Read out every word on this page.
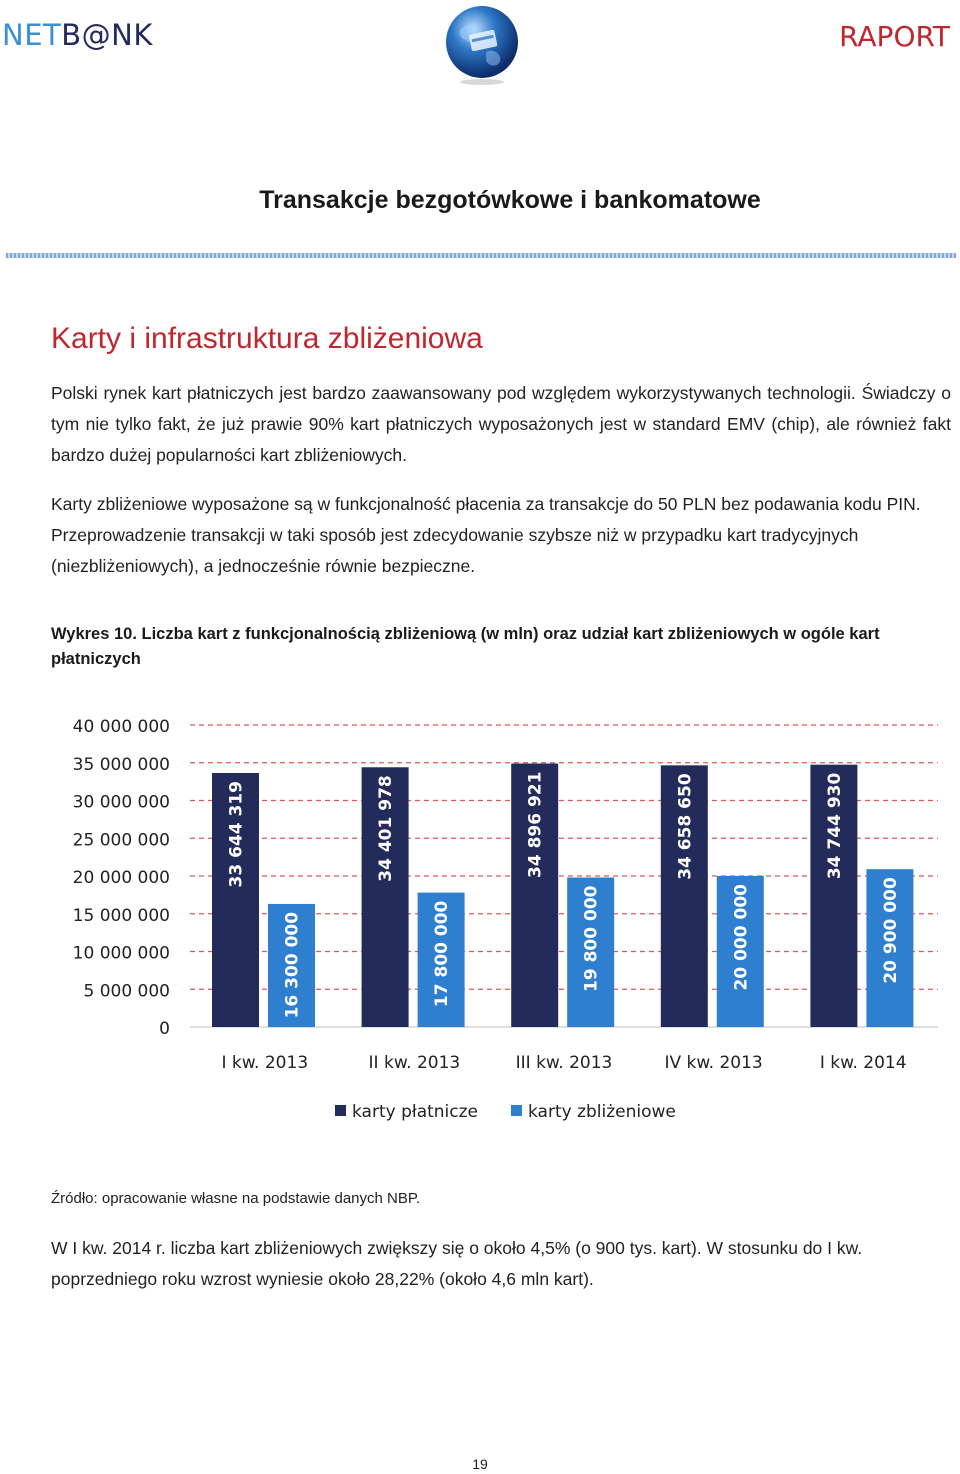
NETB@NK	RAPORT
Transakcje bezgotówkowe i bankomatowe
Karty i infrastruktura zbliżeniowa
Polski rynek kart płatniczych jest bardzo zaawansowany pod względem wykorzystywanych technologii. Świadczy o tym nie tylko fakt, że już prawie 90% kart płatniczych wyposażonych jest w standard EMV (chip), ale również fakt bardzo dużej popularności kart zbliżeniowych.
Karty zbliżeniowe wyposażone są w funkcjonalność płacenia za transakcje do 50 PLN bez podawania kodu PIN. Przeprowadzenie transakcji w taki sposób jest zdecydowanie szybsze niż w przypadku kart tradycyjnych (niezbliżeniowych), a jednocześnie równie bezpieczne.
Wykres 10. Liczba kart z funkcjonalnością zbliżeniową (w mln) oraz udział kart zbliżeniowych w ogóle kart płatniczych
0
5 000 000
10 000 000
15 000 000
20 000 000
25 000 000
30 000 000
35 000 000
40 000 000
33 644 319
16 300 000
I kw. 2013
34 401 978
17 800 000
II kw. 2013
34 896 921
19 800 000
III kw. 2013
34 658 650
20 000 000
IV kw. 2013
34 744 930
20 900 000
I kw. 2014
karty płatnicze	karty zbliżeniowe
Źródło: opracowanie własne na podstawie danych NBP.
W I kw. 2014 r. liczba kart zbliżeniowych zwiększy się o około 4,5% (o 900 tys. kart). W stosunku do I kw. poprzedniego roku wzrost wyniesie około 28,22% (około 4,6 mln kart).
19
